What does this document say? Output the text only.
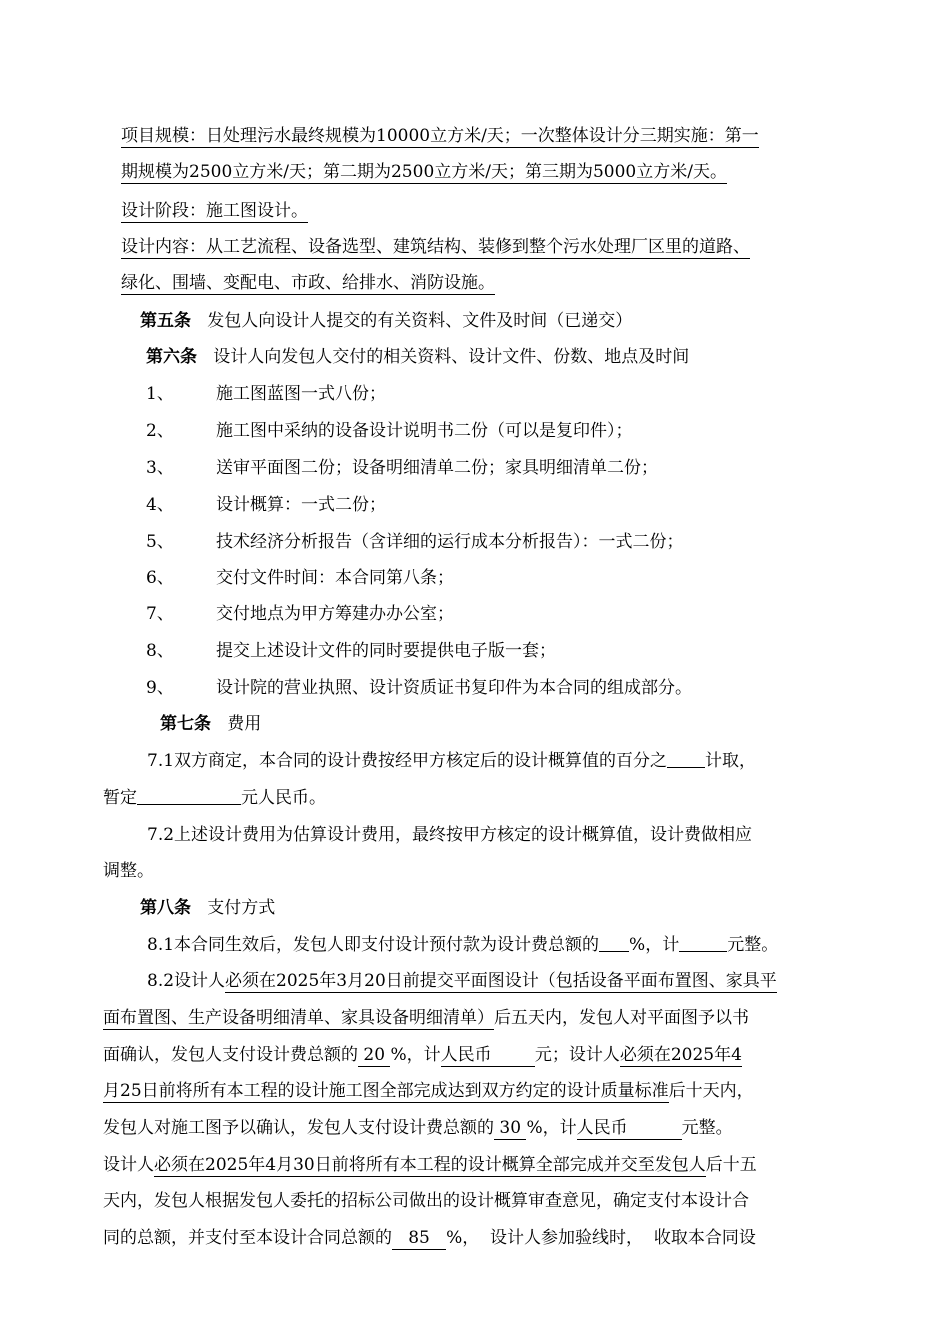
项目规模：日处理污水最终规模为10000立方米/天；一次整体设计分三期实施：第一
期规模为2500立方米/天；第二期为2500立方米/天；第三期为5000立方米/天。
设计阶段：施工图设计。
设计内容：从工艺流程、设备选型、建筑结构、装修到整个污水处理厂区里的道路、
绿化、围墙、变配电、市政、给排水、消防设施。
第五条 发包人向设计人提交的有关资料、文件及时间（已递交）
第六条 设计人向发包人交付的相关资料、设计文件、份数、地点及时间
1、 施工图蓝图一式八份；
2、 施工图中采纳的设备设计说明书二份（可以是复印件）；
3、 送审平面图二份；设备明细清单二份；家具明细清单二份；
4、 设计概算：一式二份；
5、 技术经济分析报告（含详细的运行成本分析报告）：一式二份；
6、 交付文件时间：本合同第八条；
7、 交付地点为甲方筹建办办公室；
8、 提交上述设计文件的同时要提供电子版一套；
9、 设计院的营业执照、设计资质证书复印件为本合同的组成部分。
第七条 费用
7.1双方商定，本合同的设计费按经甲方核定后的设计概算值的百分之 计取，
暂定	元人民币。
7.2上述设计费用为估算设计费用，最终按甲方核定的设计概算值，设计费做相应
调整。
第八条 支付方式
8.1本合同生效后，发包人即支付设计预付款为设计费总额的 %，计	元整。
8.2设计人必须在2025年3月20日前提交平面图设计（包括设备平面布置图、家具平
面布置图、生产设备明细清单、家具设备明细清单）后五天内，发包人对平面图予以书
面确认，发包人支付设计费总额的 20 %，计人民币        元；设计人必须在2025年4
月25日前将所有本工程的设计施工图全部完成达到双方约定的设计质量标准后十天内，
发包人对施工图予以确认，发包人支付设计费总额的 30 %，计人民币          元整。
设计人必须在2025年4月30日前将所有本工程的设计概算全部完成并交至发包人后十五
天内，发包人根据发包人委托的招标公司做出的设计概算审查意见，确定支付本设计合
同的总额，并支付至本设计合同总额的   85   %，  设计人参加验线时，  收取本合同设
